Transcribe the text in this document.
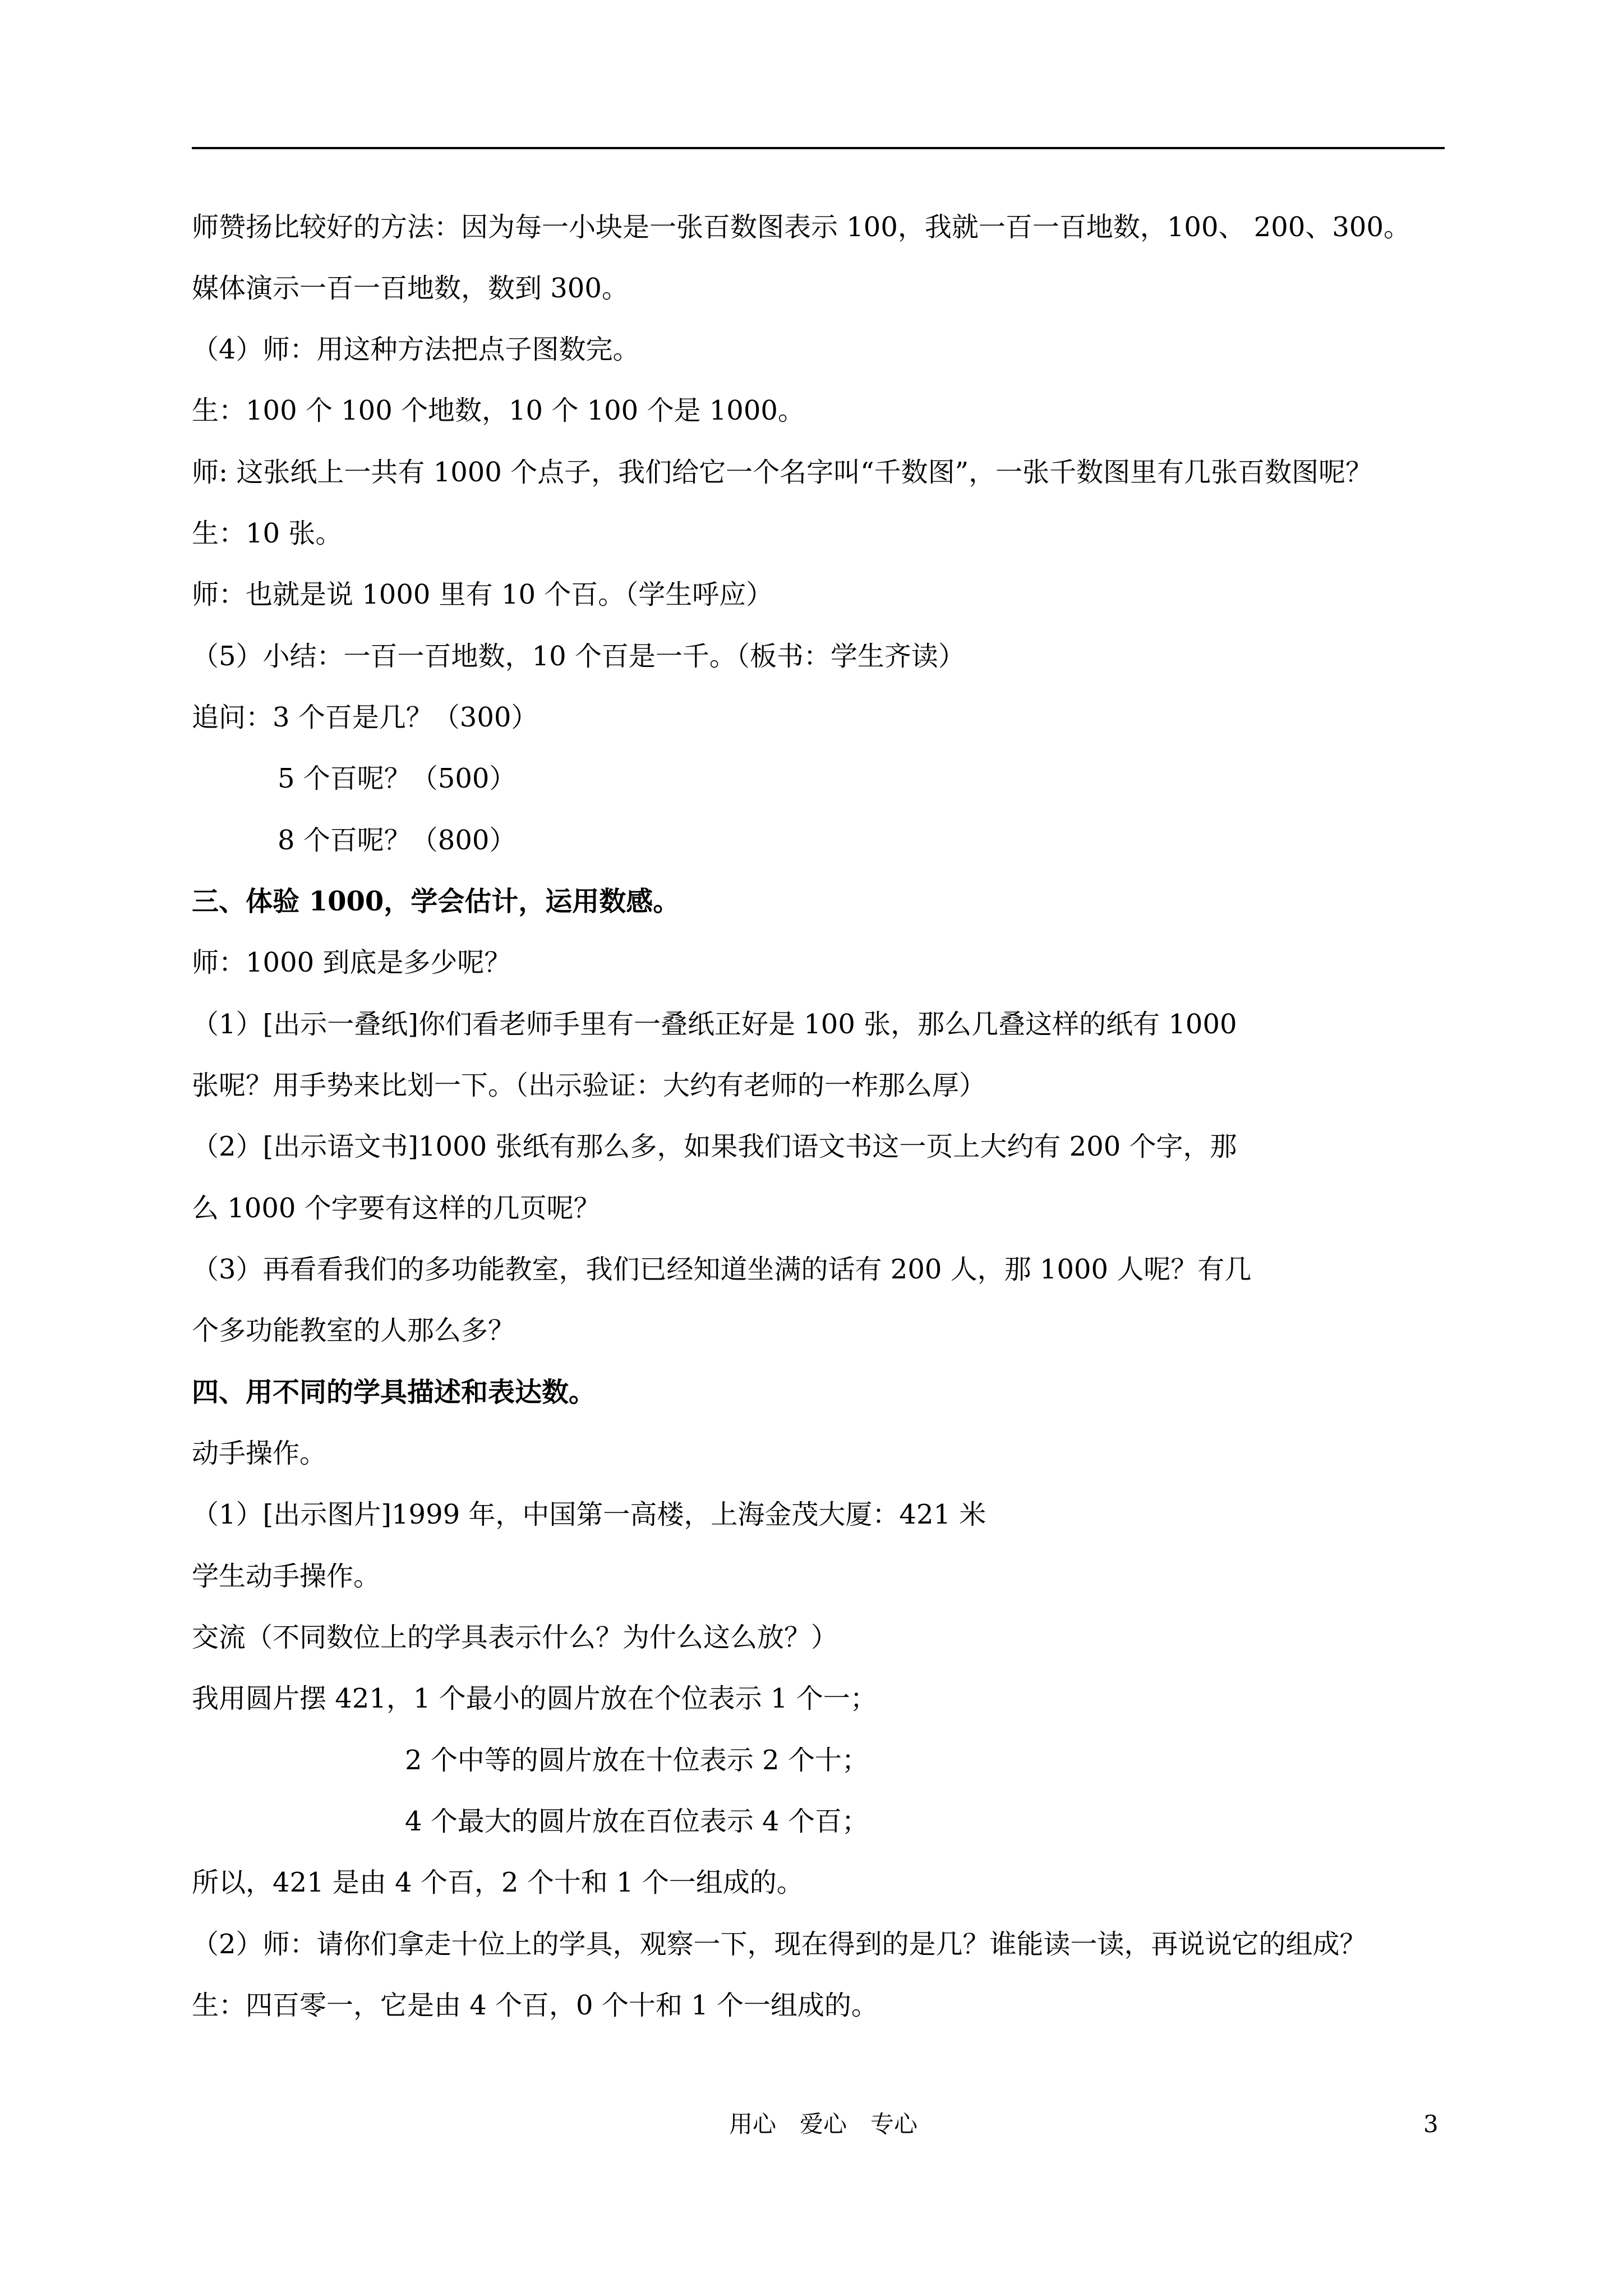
师赞扬比较好的方法：因为每一小块是一张百数图表示 100，我就一百一百地数，100、 200、300。
媒体演示一百一百地数，数到 300。
（4）师：用这种方法把点子图数完。
生：100 个 100 个地数，10 个 100 个是 1000。
师: 这张纸上一共有 1000 个点子，我们给它一个名字叫“千数图”，一张千数图里有几张百数图呢？
生：10 张。
师：也就是说 1000 里有 10 个百。（学生呼应）
（5）小结：一百一百地数，10 个百是一千。（板书：学生齐读）
追问：3 个百是几？（300）
5 个百呢？（500）
8 个百呢？（800）
三、体验 1000，学会估计，运用数感。
师：1000 到底是多少呢？
（1）[出示一叠纸]你们看老师手里有一叠纸正好是 100 张，那么几叠这样的纸有 1000
张呢？用手势来比划一下。（出示验证：大约有老师的一柞那么厚）
（2）[出示语文书]1000 张纸有那么多，如果我们语文书这一页上大约有 200 个字，那
么 1000 个字要有这样的几页呢？
（3）再看看我们的多功能教室，我们已经知道坐满的话有 200 人，那 1000 人呢？有几
个多功能教室的人那么多？
四、用不同的学具描述和表达数。
动手操作。
（1）[出示图片]1999 年，中国第一高楼，上海金茂大厦：421 米
学生动手操作。
交流（不同数位上的学具表示什么？为什么这么放？）
我用圆片摆 421，1 个最小的圆片放在个位表示 1 个一；
2 个中等的圆片放在十位表示 2 个十；
4 个最大的圆片放在百位表示 4 个百；
所以，421 是由 4 个百，2 个十和 1 个一组成的。
（2）师：请你们拿走十位上的学具，观察一下，现在得到的是几？谁能读一读，再说说它的组成？
生：四百零一，它是由 4 个百，0 个十和 1 个一组成的。
用心　爱心　专心	3
